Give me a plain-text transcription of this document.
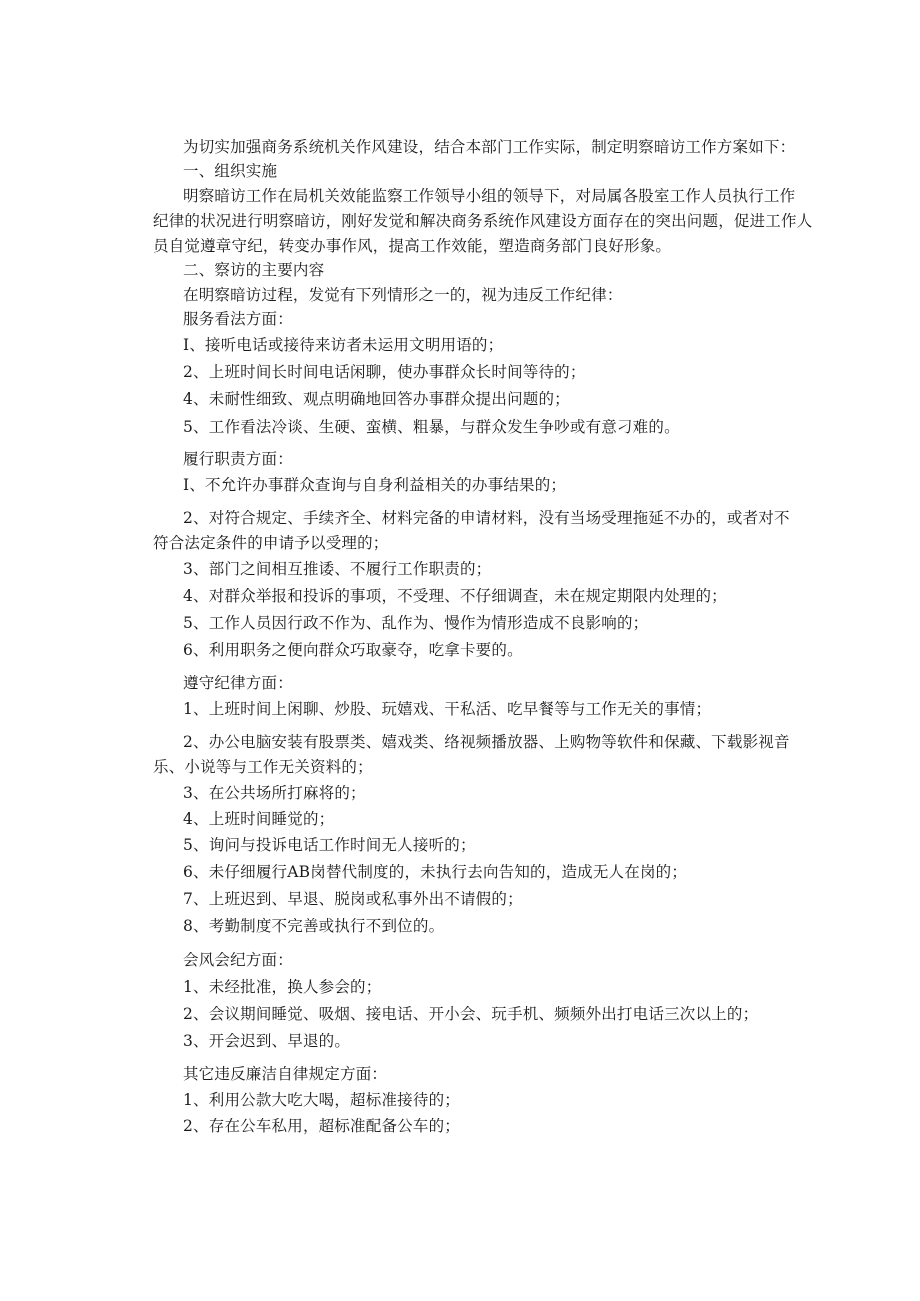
为切实加强商务系统机关作风建设，结合本部门工作实际，制定明察暗访工作方案如下：
一、组织实施
明察暗访工作在局机关效能监察工作领导小组的领导下，对局属各股室工作人员执行工作
纪律的状况进行明察暗访，刚好发觉和解决商务系统作风建设方面存在的突出问题，促进工作人
员自觉遵章守纪，转变办事作风，提高工作效能，塑造商务部门良好形象。
二、察访的主要内容
在明察暗访过程，发觉有下列情形之一的，视为违反工作纪律：
服务看法方面：
I、接听电话或接待来访者未运用文明用语的；
2、上班时间长时间电话闲聊，使办事群众长时间等待的；
4、未耐性细致、观点明确地回答办事群众提出问题的；
5、工作看法冷谈、生硬、蛮横、粗暴，与群众发生争吵或有意刁难的。
履行职责方面：
I、不允许办事群众查询与自身利益相关的办事结果的；
2、对符合规定、手续齐全、材料完备的申请材料，没有当场受理拖延不办的，或者对不
符合法定条件的申请予以受理的；
3、部门之间相互推诿、不履行工作职责的；
4、对群众举报和投诉的事项，不受理、不仔细调查，未在规定期限内处理的；
5、工作人员因行政不作为、乱作为、慢作为情形造成不良影响的；
6、利用职务之便向群众巧取豪夺，吃拿卡要的。
遵守纪律方面：
1、上班时间上闲聊、炒股、玩嬉戏、干私活、吃早餐等与工作无关的事情；
2、办公电脑安装有股票类、嬉戏类、络视频播放器、上购物等软件和保藏、下载影视音
乐、小说等与工作无关资料的；
3、在公共场所打麻将的；
4、上班时间睡觉的；
5、询问与投诉电话工作时间无人接听的；
6、未仔细履行AB岗替代制度的，未执行去向告知的，造成无人在岗的；
7、上班迟到、早退、脱岗或私事外出不请假的；
8、考勤制度不完善或执行不到位的。
会风会纪方面：
1、未经批准，换人参会的；
2、会议期间睡觉、吸烟、接电话、开小会、玩手机、频频外出打电话三次以上的；
3、开会迟到、早退的。
其它违反廉洁自律规定方面：
1、利用公款大吃大喝，超标准接待的；
2、存在公车私用，超标准配备公车的；
